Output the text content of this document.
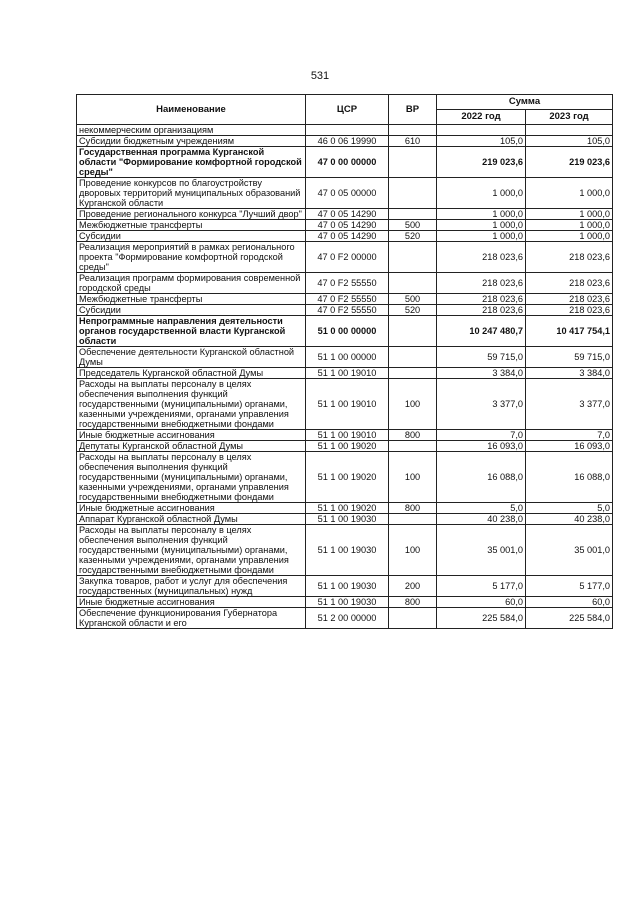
531
Наименование	ЦСР	ВР	Сумма	
			2022 год	2023 год
некоммерческим организациям				
Субсидии бюджетным учреждениям	46 0 06 19990	610	105,0	105,0
Государственная программа Курганской области "Формирование комфортной городской среды"	47 0 00 00000		219 023,6	219 023,6
Проведение конкурсов по благоустройству дворовых территорий муниципальных образований Курганской области	47 0 05 00000		1 000,0	1 000,0
Проведение регионального конкурса "Лучший двор"	47 0 05 14290		1 000,0	1 000,0
Межбюджетные трансферты	47 0 05 14290	500	1 000,0	1 000,0
Субсидии	47 0 05 14290	520	1 000,0	1 000,0
Реализация мероприятий в рамках регионального проекта "Формирование комфортной городской среды"	47 0 F2 00000		218 023,6	218 023,6
Реализация программ формирования современной городской среды	47 0 F2 55550		218 023,6	218 023,6
Межбюджетные трансферты	47 0 F2 55550	500	218 023,6	218 023,6
Субсидии	47 0 F2 55550	520	218 023,6	218 023,6
Непрограммные направления деятельности органов государственной власти Курганской области	51 0 00 00000		10 247 480,7	10 417 754,1
Обеспечение деятельности Курганской областной Думы	51 1 00 00000		59 715,0	59 715,0
Председатель Курганской областной Думы	51 1 00 19010		3 384,0	3 384,0
Расходы на выплаты персоналу в целях обеспечения выполнения функций государственными (муниципальными) органами, казенными учреждениями, органами управления государственными внебюджетными фондами	51 1 00 19010	100	3 377,0	3 377,0
Иные бюджетные ассигнования	51 1 00 19010	800	7,0	7,0
Депутаты Курганской областной Думы	51 1 00 19020		16 093,0	16 093,0
Расходы на выплаты персоналу в целях обеспечения выполнения функций государственными (муниципальными) органами, казенными учреждениями, органами управления государственными внебюджетными фондами	51 1 00 19020	100	16 088,0	16 088,0
Иные бюджетные ассигнования	51 1 00 19020	800	5,0	5,0
Аппарат Курганской областной Думы	51 1 00 19030		40 238,0	40 238,0
Расходы на выплаты персоналу в целях обеспечения выполнения функций государственными (муниципальными) органами, казенными учреждениями, органами управления государственными внебюджетными фондами	51 1 00 19030	100	35 001,0	35 001,0
Закупка товаров, работ и услуг для обеспечения государственных (муниципальных) нужд	51 1 00 19030	200	5 177,0	5 177,0
Иные бюджетные ассигнования	51 1 00 19030	800	60,0	60,0
Обеспечение функционирования Губернатора Курганской области и его	51 2 00 00000		225 584,0	225 584,0
